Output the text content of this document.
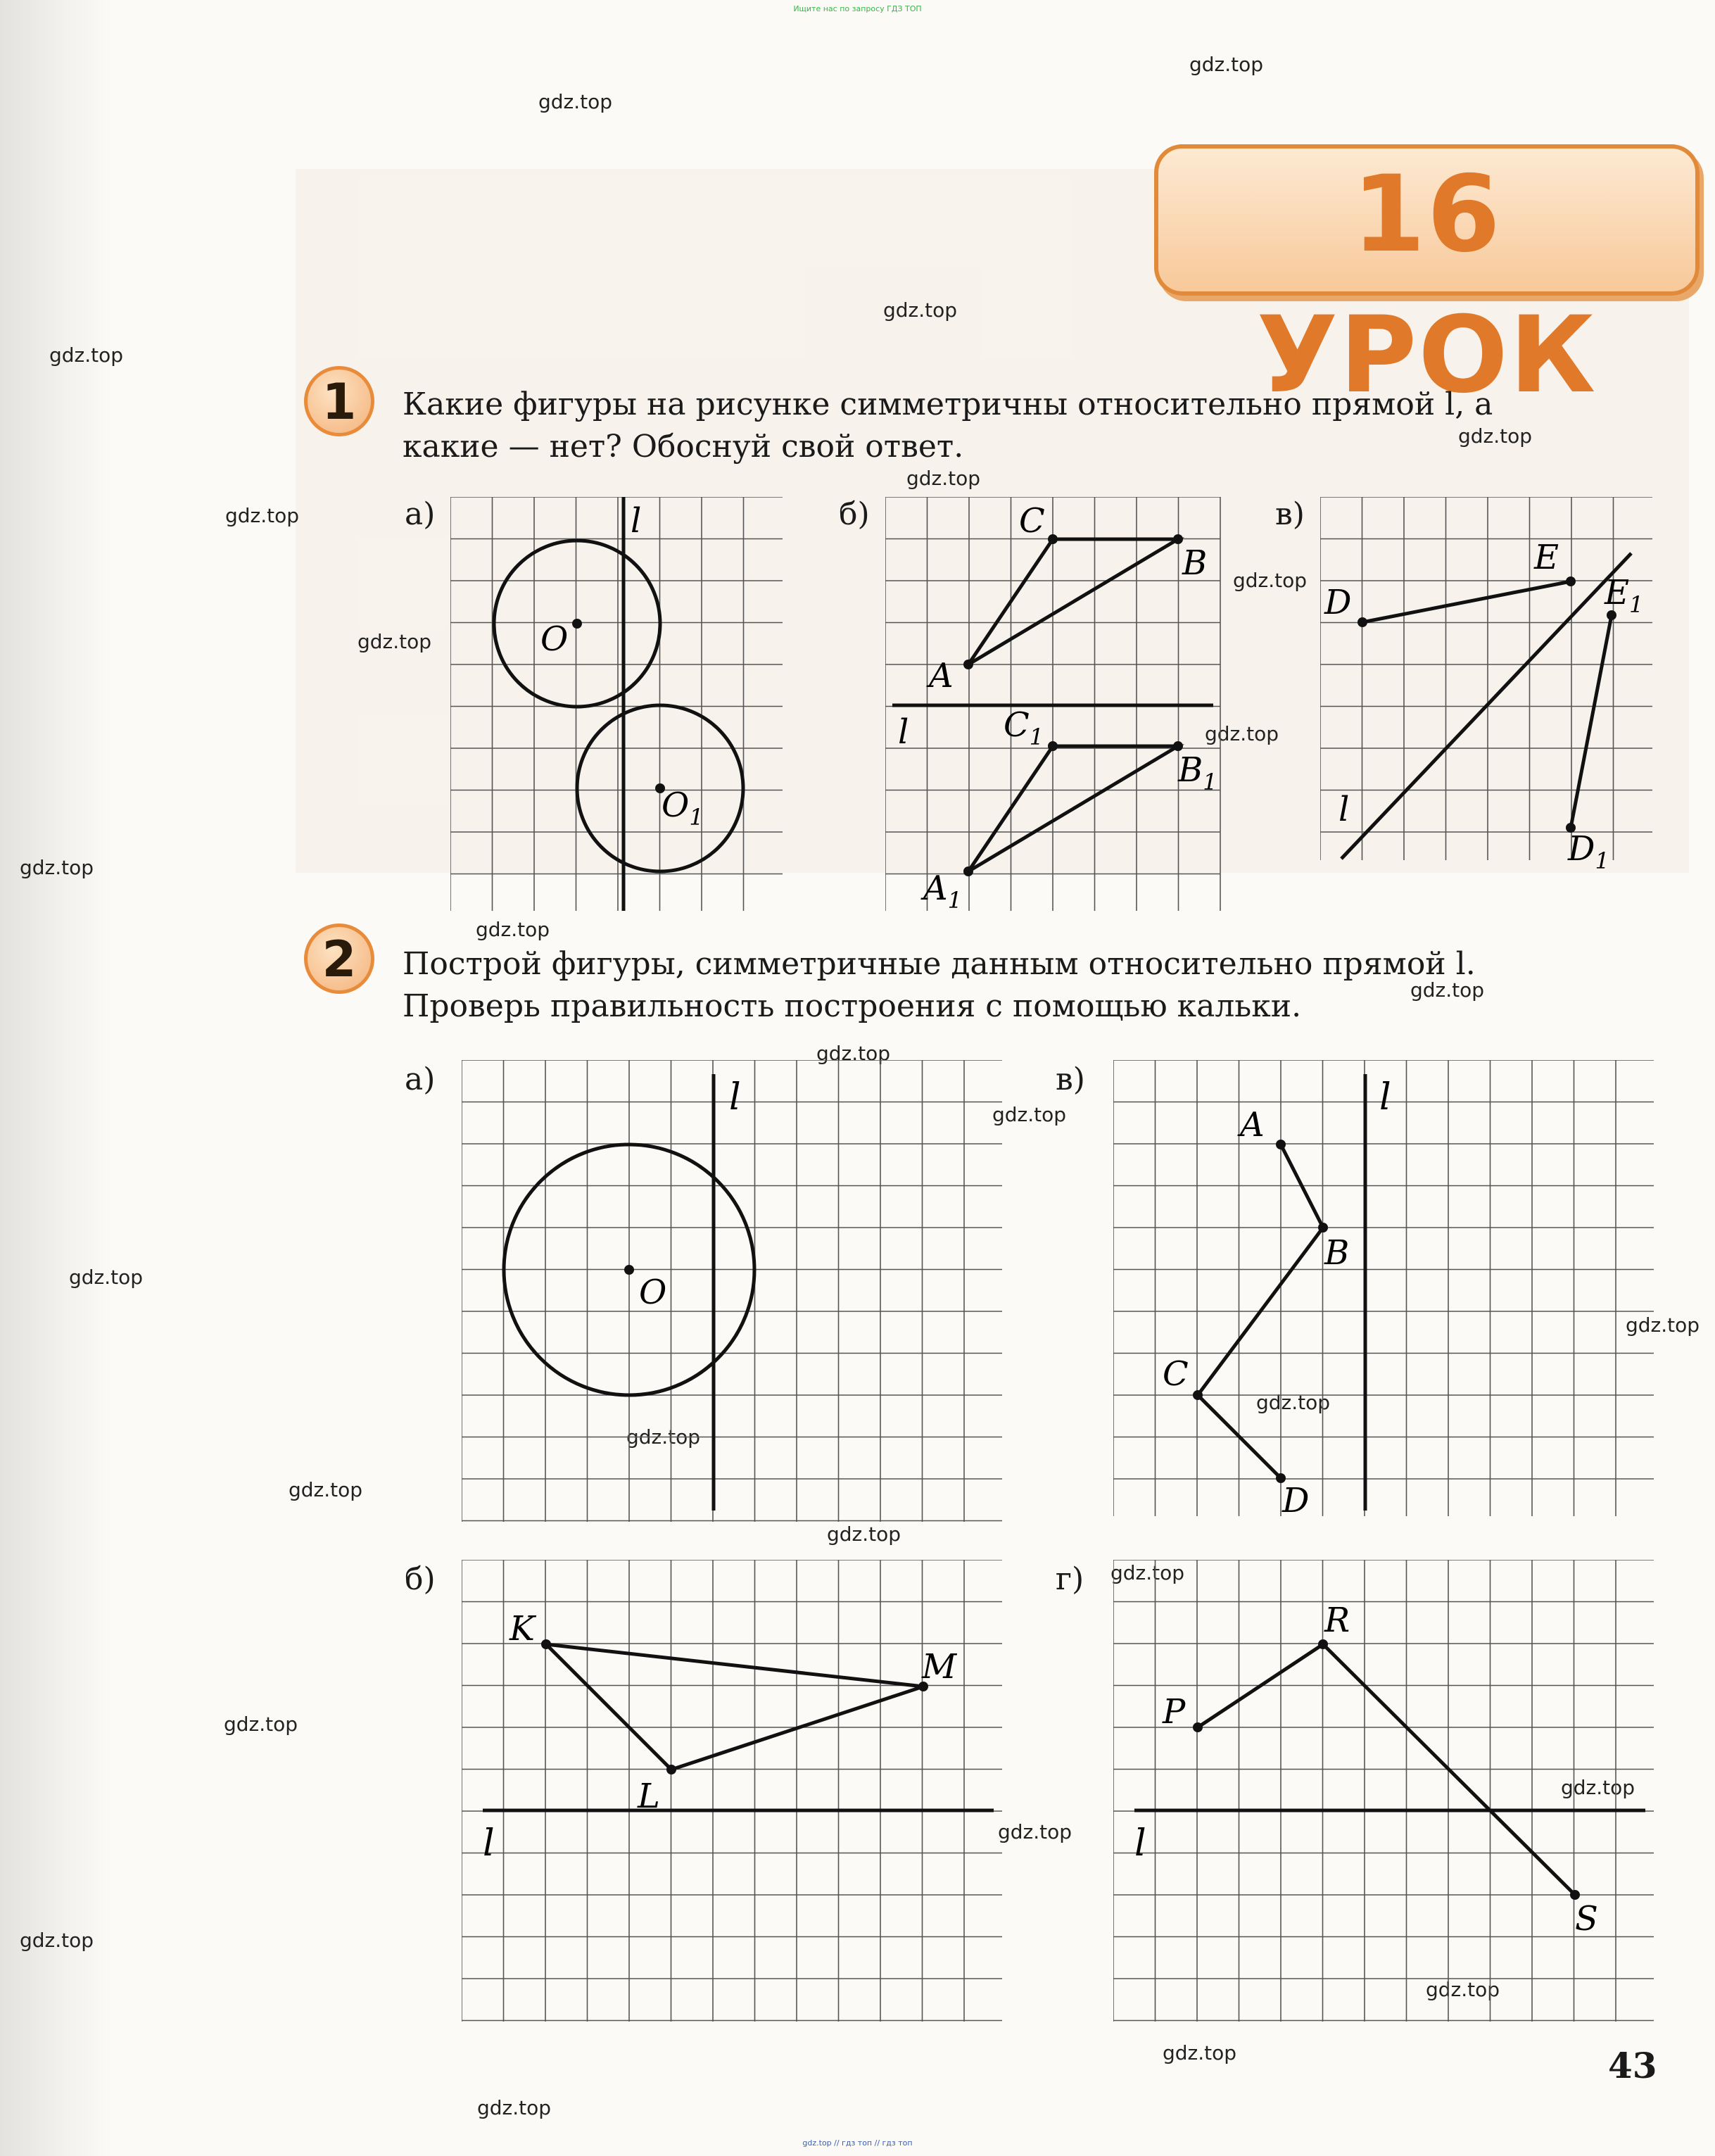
Ищите нас по запросу ГДЗ ТОП
gdz.top
gdz.top
gdz.top
gdz.top
gdz.top
gdz.top
gdz.top
gdz.top
gdz.top
gdz.top
gdz.top
gdz.top
gdz.top
gdz.top
gdz.top
gdz.top
gdz.top
gdz.top
gdz.top
gdz.top
gdz.top
gdz.top
gdz.top
gdz.top
gdz.top
gdz.top
gdz.top
gdz.top
gdz.top
16 УРОК
1	Какие фигуры на рисунке симметричны относительно прямой l, а
какие — нет? Обоснуй свой ответ.
а)	б)	в)
l
O
$O_1$
C
B
A
l	$C_1$
$B_1$
$A_1$
D
E
$E_1$
l
$D_1$
2	Построй фигуры, симметричные данным относительно прямой l.
Проверь правильность построения с помощью кальки.
а)	в)
б)	г)
l
O
l
A
B
C
D
K
L
M
l
P
R
S
l
43
gdz.top // гдз топ // гдз топ
